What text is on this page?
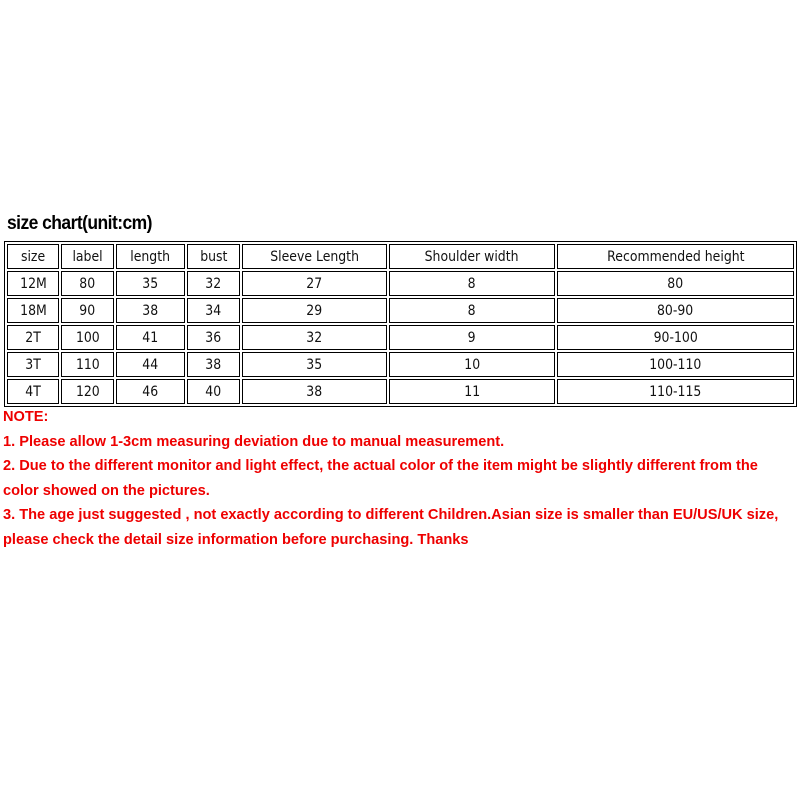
size chart(unit:cm)
size	label	length	bust	Sleeve Length	Shoulder width	Recommended height
12M	80	35	32	27	8	80
18M	90	38	34	29	8	80-90
2T	100	41	36	32	9	90-100
3T	110	44	38	35	10	100-110
4T	120	46	40	38	11	110-115

NOTE:

1. Please allow 1-3cm measuring deviation due to manual measurement.

2. Due to the different monitor and light effect, the actual color of the item might be slightly different from the color showed on the pictures.

3. The age just suggested , not exactly according to different Children.Asian size is smaller than EU/US/UK size, please check the detail size information before purchasing. Thanks
